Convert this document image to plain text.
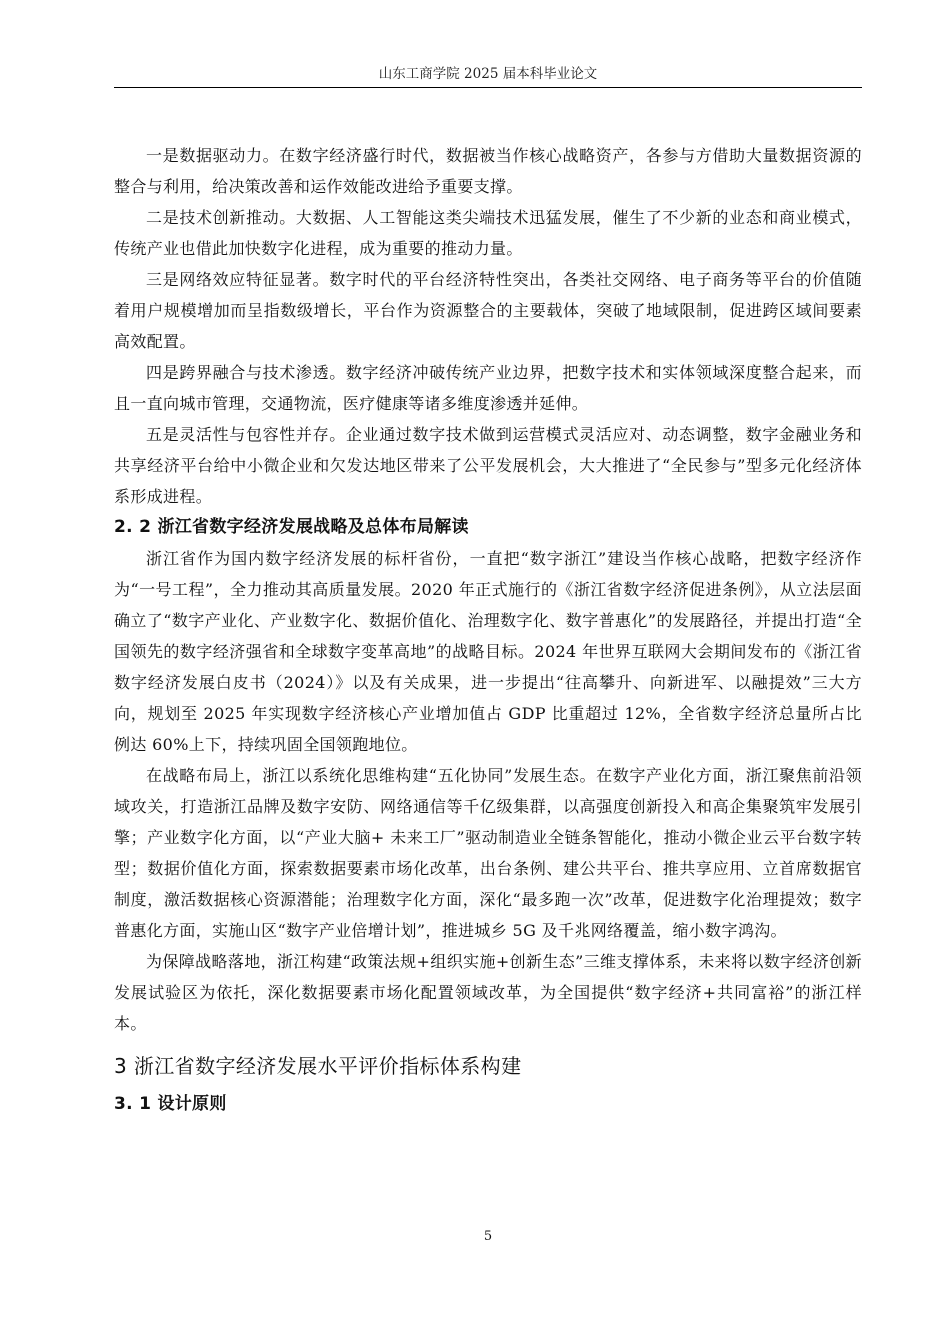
山东工商学院 2025 届本科毕业论文

一是数据驱动力。在数字经济盛行时代，数据被当作核心战略资产，各参与方借助大量数据资源的整合与利用，给决策改善和运作效能改进给予重要支撑。

二是技术创新推动。大数据、人工智能这类尖端技术迅猛发展，催生了不少新的业态和商业模式，传统产业也借此加快数字化进程，成为重要的推动力量。

三是网络效应特征显著。数字时代的平台经济特性突出，各类社交网络、电子商务等平台的价值随着用户规模增加而呈指数级增长，平台作为资源整合的主要载体，突破了地域限制，促进跨区域间要素高效配置。

四是跨界融合与技术渗透。数字经济冲破传统产业边界，把数字技术和实体领域深度整合起来，而且一直向城市管理，交通物流，医疗健康等诸多维度渗透并延伸。

五是灵活性与包容性并存。企业通过数字技术做到运营模式灵活应对、动态调整，数字金融业务和共享经济平台给中小微企业和欠发达地区带来了公平发展机会，大大推进了“全民参与”型多元化经济体系形成进程。

2. 2 浙江省数字经济发展战略及总体布局解读

浙江省作为国内数字经济发展的标杆省份，一直把“数字浙江”建设当作核心战略，把数字经济作为“一号工程”，全力推动其高质量发展。2020 年正式施行的《浙江省数字经济促进条例》，从立法层面确立了“数字产业化、产业数字化、数据价值化、治理数字化、数字普惠化”的发展路径，并提出打造“全国领先的数字经济强省和全球数字变革高地”的战略目标。2024 年世界互联网大会期间发布的《浙江省数字经济发展白皮书（2024）》以及有关成果，进一步提出“往高攀升、向新进军、以融提效”三大方向，规划至 2025 年实现数字经济核心产业增加值占 GDP 比重超过 12%，全省数字经济总量所占比例达 60%上下，持续巩固全国领跑地位。

在战略布局上，浙江以系统化思维构建“五化协同”发展生态。在数字产业化方面，浙江聚焦前沿领域攻关，打造浙江品牌及数字安防、网络通信等千亿级集群，以高强度创新投入和高企集聚筑牢发展引擎；产业数字化方面，以“产业大脑+ 未来工厂”驱动制造业全链条智能化，推动小微企业云平台数字转型；数据价值化方面，探索数据要素市场化改革，出台条例、建公共平台、推共享应用、立首席数据官制度，激活数据核心资源潜能；治理数字化方面，深化“最多跑一次”改革，促进数字化治理提效；数字普惠化方面，实施山区“数字产业倍增计划”，推进城乡 5G 及千兆网络覆盖，缩小数字鸿沟。

为保障战略落地，浙江构建“政策法规+组织实施+创新生态”三维支撑体系，未来将以数字经济创新发展试验区为依托，深化数据要素市场化配置领域改革，为全国提供“数字经济+共同富裕”的浙江样本。

3 浙江省数字经济发展水平评价指标体系构建
3. 1 设计原则
5
